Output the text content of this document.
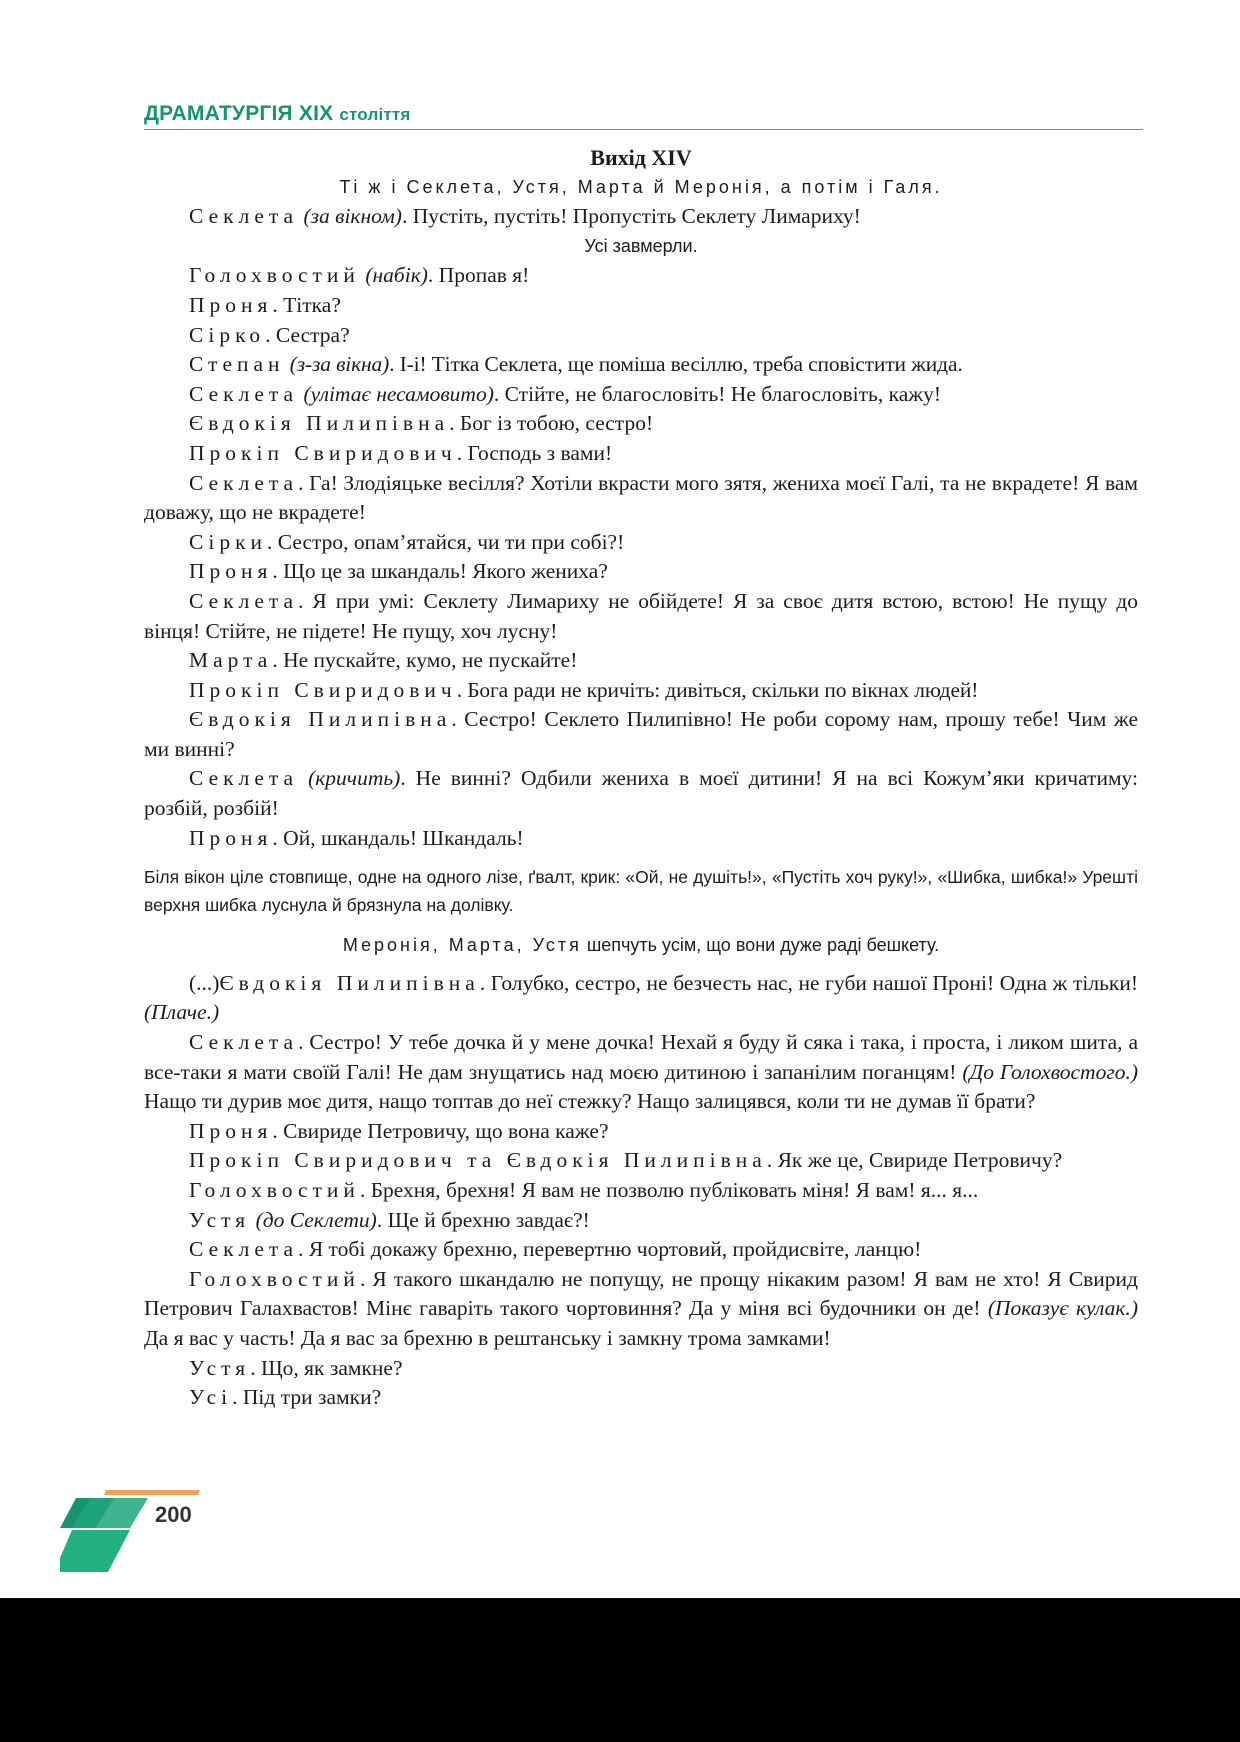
ДРАМАТУРГІЯ XIX століття

Вихід XIV

Ті ж і Секлета, Устя, Марта й Меронія, а потім і Галя.

Секлета (за вікном). Пустіть, пустіть! Пропустіть Секлету Лимариху!

Усі завмерли.

Голохвостий (набік). Пропав я!

Проня. Тітка?

Сірко. Сестра?

Степан (з-за вікна). І-і! Тітка Секлета, ще поміша весіллю, треба сповістити жида.

Секлета (улітає несамовито). Стійте, не благословіть! Не благословіть, кажу!

Євдокія Пилипівна. Бог із тобою, сестро!

Прокіп Свиридович. Господь з вами!

Секлета. Га! Злодіяцьке весілля? Хотіли вкрасти мого зятя, жениха моєї Галі, та не вкрадете! Я вам доважу, що не вкрадете!

Сірки. Сестро, опам’ятайся, чи ти при собі?!

Проня. Що це за шкандаль! Якого жениха?

Секлета. Я при умі: Секлету Лимариху не обійдете! Я за своє дитя встою, встою! Не пущу до вінця! Стійте, не підете! Не пущу, хоч лусну!

Марта. Не пускайте, кумо, не пускайте!

Прокіп Свиридович. Бога ради не кричіть: дивіться, скільки по вікнах людей!

Євдокія Пилипівна. Сестро! Секлето Пилипівно! Не роби сорому нам, прошу тебе! Чим же ми винні?

Секлета (кричить). Не винні? Одбили жениха в моєї дитини! Я на всі Кожум’яки кричатиму: розбій, розбій!

Проня. Ой, шкандаль! Шкандаль!

Біля вікон ціле стовпище, одне на одного лізе, ґвалт, крик: «Ой, не душіть!», «Пустіть хоч руку!», «Шибка, шибка!» Урешті верхня шибка луснула й брязнула на долівку.

Меронія, Марта, Устя шепчуть усім, що вони дуже раді бешкету.

(...)Євдокія Пилипівна. Голубко, сестро, не безчесть нас, не губи нашої Проні! Одна ж тільки! (Плаче.)

Секлета. Сестро! У тебе дочка й у мене дочка! Нехай я буду й сяка і така, і проста, і ликом шита, а все-таки я мати своїй Галі! Не дам знущатись над моєю дитиною і запанілим поганцям! (До Голохвостого.) Нащо ти дурив моє дитя, нащо топтав до неї стежку? Нащо залицявся, коли ти не думав її брати?

Проня. Свириде Петровичу, що вона каже?

Прокіп Свиридович та Євдокія Пилипівна. Як же це, Свириде Петровичу?

Голохвостий. Брехня, брехня! Я вам не позволю публіковать міня! Я вам! я... я...

Устя (до Секлети). Ще й брехню завдає?!

Секлета. Я тобі докажу брехню, перевертню чортовий, пройдисвіте, ланцю!

Голохвостий. Я такого шкандалю не попущу, не прощу нікаким разом! Я вам не хто! Я Свирид Петрович Галахвастов! Мінє гаваріть такого чортовиння? Да у міня всі будочники он де! (Показує кулак.) Да я вас у часть! Да я вас за брехню в рештанську і замкну трома замками!

Устя. Що, як замкне?

Усі. Під три замки?

200
